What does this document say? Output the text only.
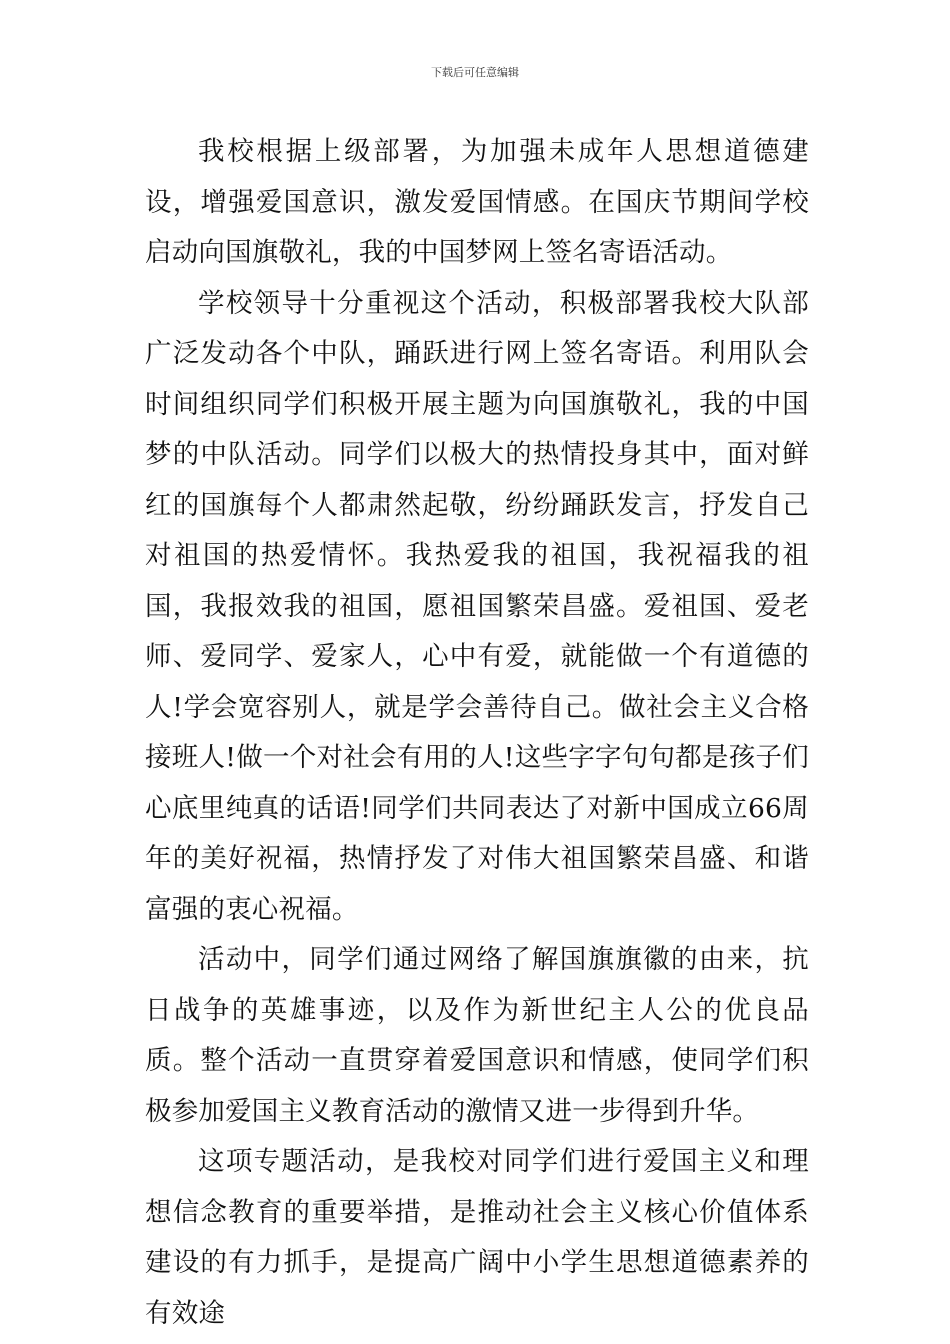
下载后可任意编辑

我校根据上级部署，为加强未成年人思想道德建设，增强爱国意识，激发爱国情感。在国庆节期间学校启动向国旗敬礼，我的中国梦网上签名寄语活动。

学校领导十分重视这个活动，积极部署我校大队部广泛发动各个中队，踊跃进行网上签名寄语。利用队会时间组织同学们积极开展主题为向国旗敬礼，我的中国梦的中队活动。同学们以极大的热情投身其中，面对鲜红的国旗每个人都肃然起敬，纷纷踊跃发言，抒发自己对祖国的热爱情怀。我热爱我的祖国，我祝福我的祖国，我报效我的祖国，愿祖国繁荣昌盛。爱祖国、爱老师、爱同学、爱家人，心中有爱，就能做一个有道德的人!学会宽容别人，就是学会善待自己。做社会主义合格接班人!做一个对社会有用的人!这些字字句句都是孩子们心底里纯真的话语!同学们共同表达了对新中国成立66周年的美好祝福，热情抒发了对伟大祖国繁荣昌盛、和谐富强的衷心祝福。

活动中，同学们通过网络了解国旗旗徽的由来，抗日战争的英雄事迹，以及作为新世纪主人公的优良品质。整个活动一直贯穿着爱国意识和情感，使同学们积极参加爱国主义教育活动的激情又进一步得到升华。

这项专题活动，是我校对同学们进行爱国主义和理想信念教育的重要举措，是推动社会主义核心价值体系建设的有力抓手，是提高广阔中小学生思想道德素养的有效途
